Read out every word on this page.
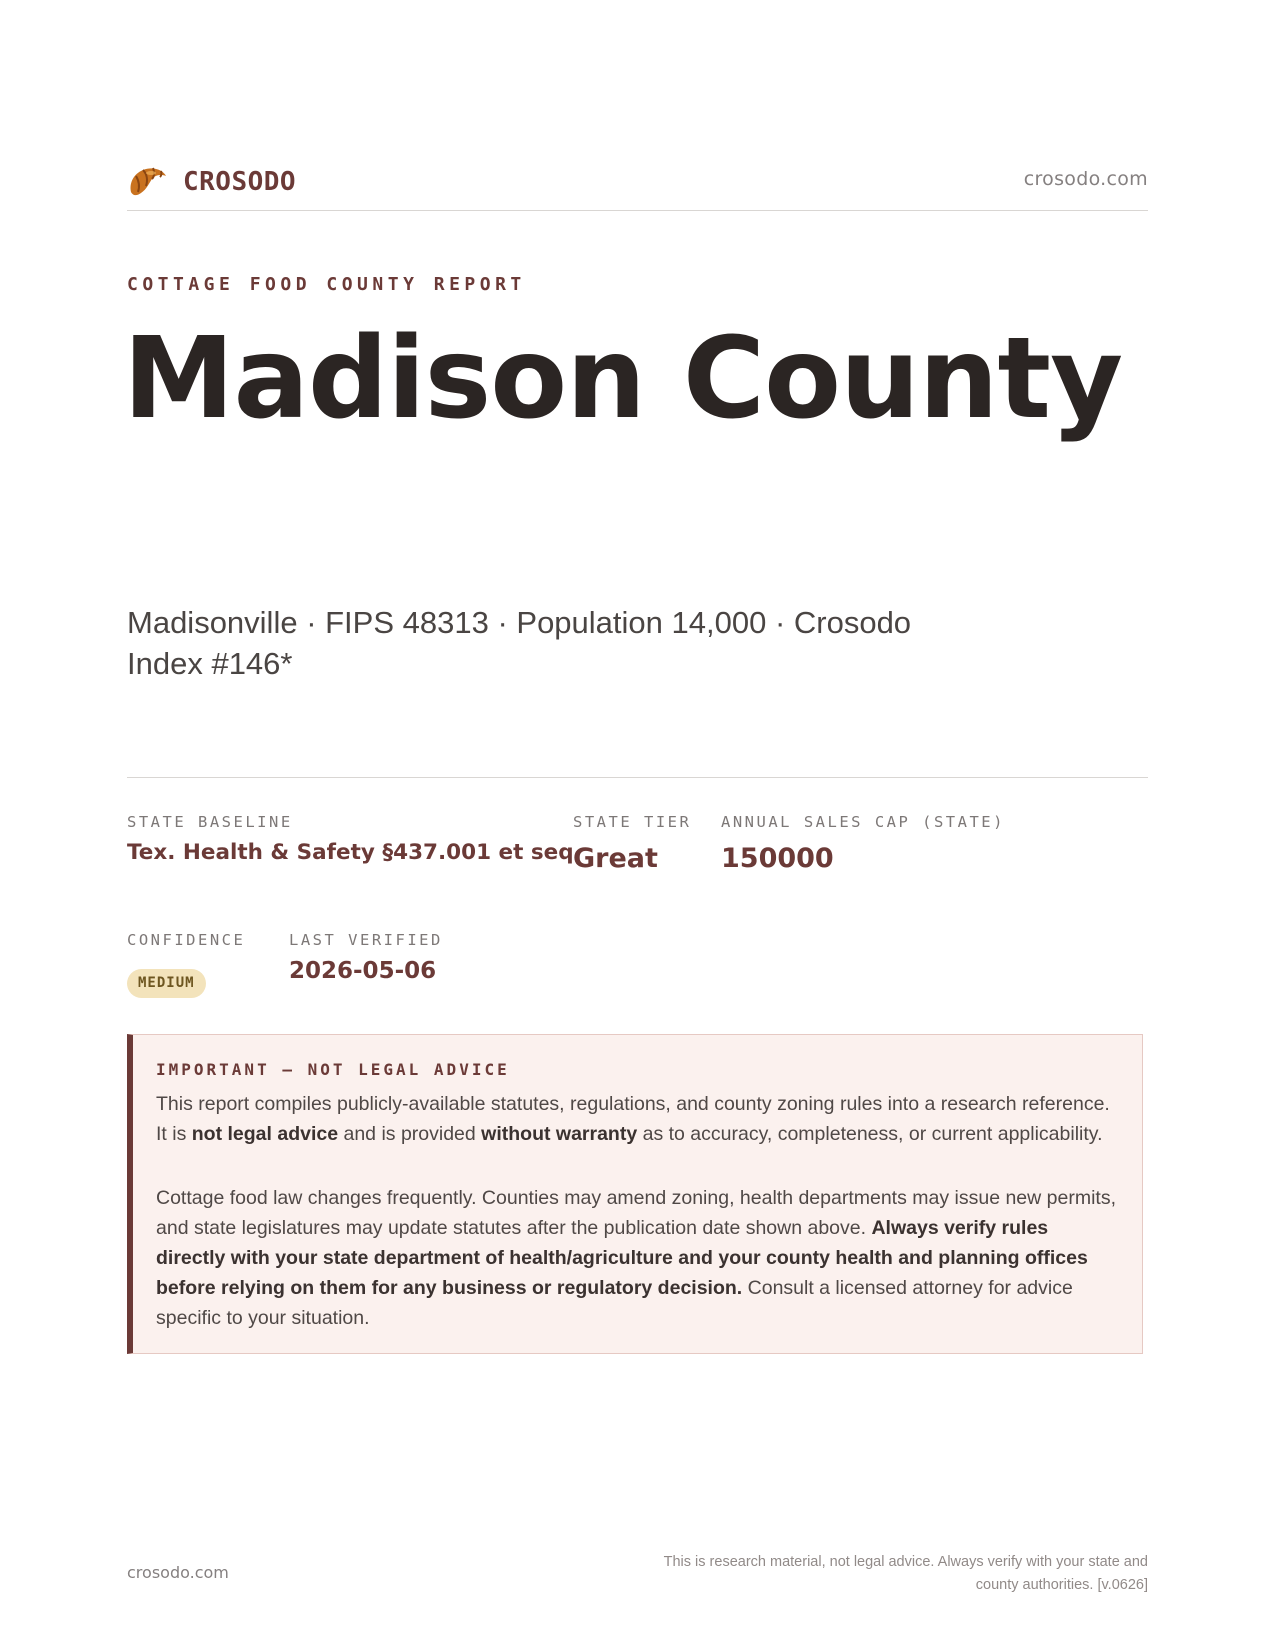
CROSODO	crosodo.com
COTTAGE FOOD COUNTY REPORT
Madison County
Madisonville · FIPS 48313 · Population 14,000 · Crosodo Index #146*
STATE BASELINE
Tex. Health & Safety §437.001 et seq.
STATE TIER
Great
ANNUAL SALES CAP (STATE)
150000
CONFIDENCE
MEDIUM
LAST VERIFIED
2026-05-06
IMPORTANT — NOT LEGAL ADVICE

This report compiles publicly-available statutes, regulations, and county zoning rules into a research reference. It is not legal advice and is provided without warranty as to accuracy, completeness, or current applicability.

Cottage food law changes frequently. Counties may amend zoning, health departments may issue new permits, and state legislatures may update statutes after the publication date shown above. Always verify rules directly with your state department of health/agriculture and your county health and planning offices before relying on them for any business or regulatory decision. Consult a licensed attorney for advice specific to your situation.

crosodo.com
This is research material, not legal advice. Always verify with your state and county authorities. [v.0626]
